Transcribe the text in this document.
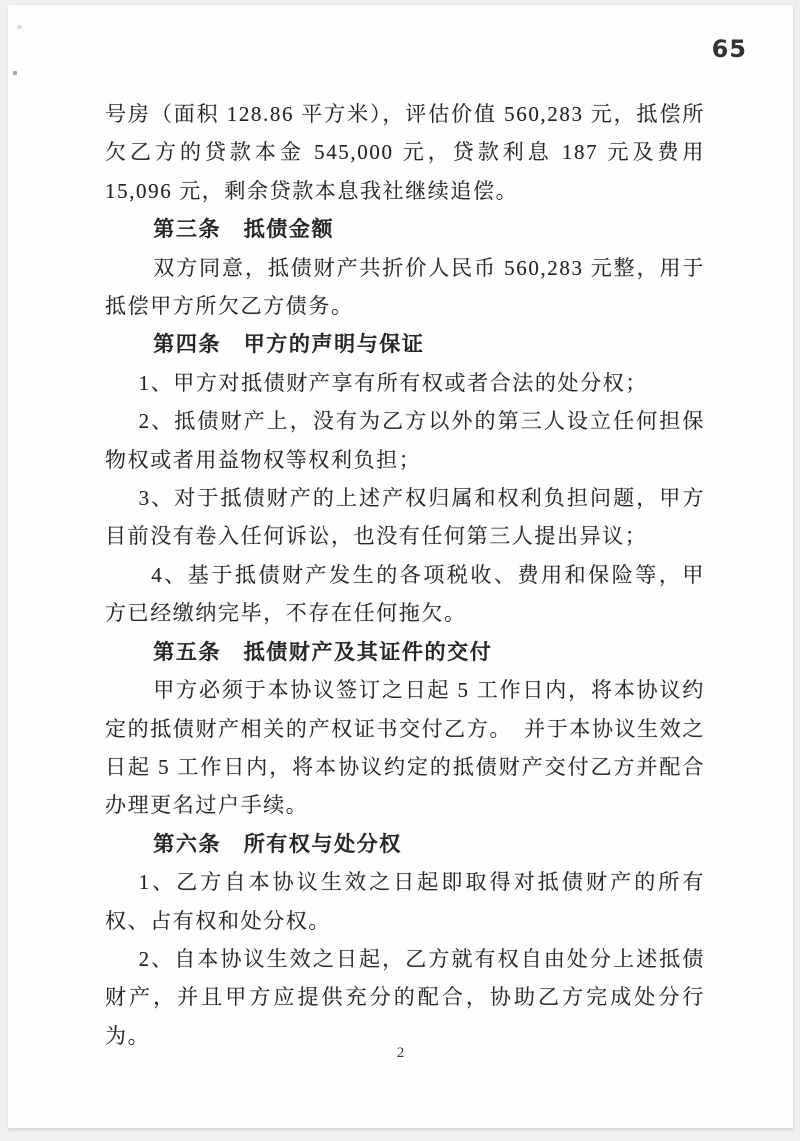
65

号房（面积 128.86 平方米），评估价值 560,283 元，抵偿所欠乙方的贷款本金 545,000 元，贷款利息 187 元及费用 15,096 元，剩余贷款本息我社继续追偿。

第三条　抵债金额

双方同意，抵债财产共折价人民币 560,283 元整，用于抵偿甲方所欠乙方债务。

第四条　甲方的声明与保证

1、甲方对抵债财产享有所有权或者合法的处分权；

2、抵债财产上，没有为乙方以外的第三人设立任何担保物权或者用益物权等权利负担；

3、对于抵债财产的上述产权归属和权利负担问题，甲方目前没有卷入任何诉讼，也没有任何第三人提出异议；

4、基于抵债财产发生的各项税收、费用和保险等，甲方已经缴纳完毕，不存在任何拖欠。

第五条　抵债财产及其证件的交付

甲方必须于本协议签订之日起 5 工作日内，将本协议约定的抵债财产相关的产权证书交付乙方。　并于本协议生效之日起 5 工作日内，将本协议约定的抵债财产交付乙方并配合办理更名过户手续。

第六条　所有权与处分权

1、乙方自本协议生效之日起即取得对抵债财产的所有权、占有权和处分权。

2、自本协议生效之日起，乙方就有权自由处分上述抵债财产，并且甲方应提供充分的配合，协助乙方完成处分行为。

2
